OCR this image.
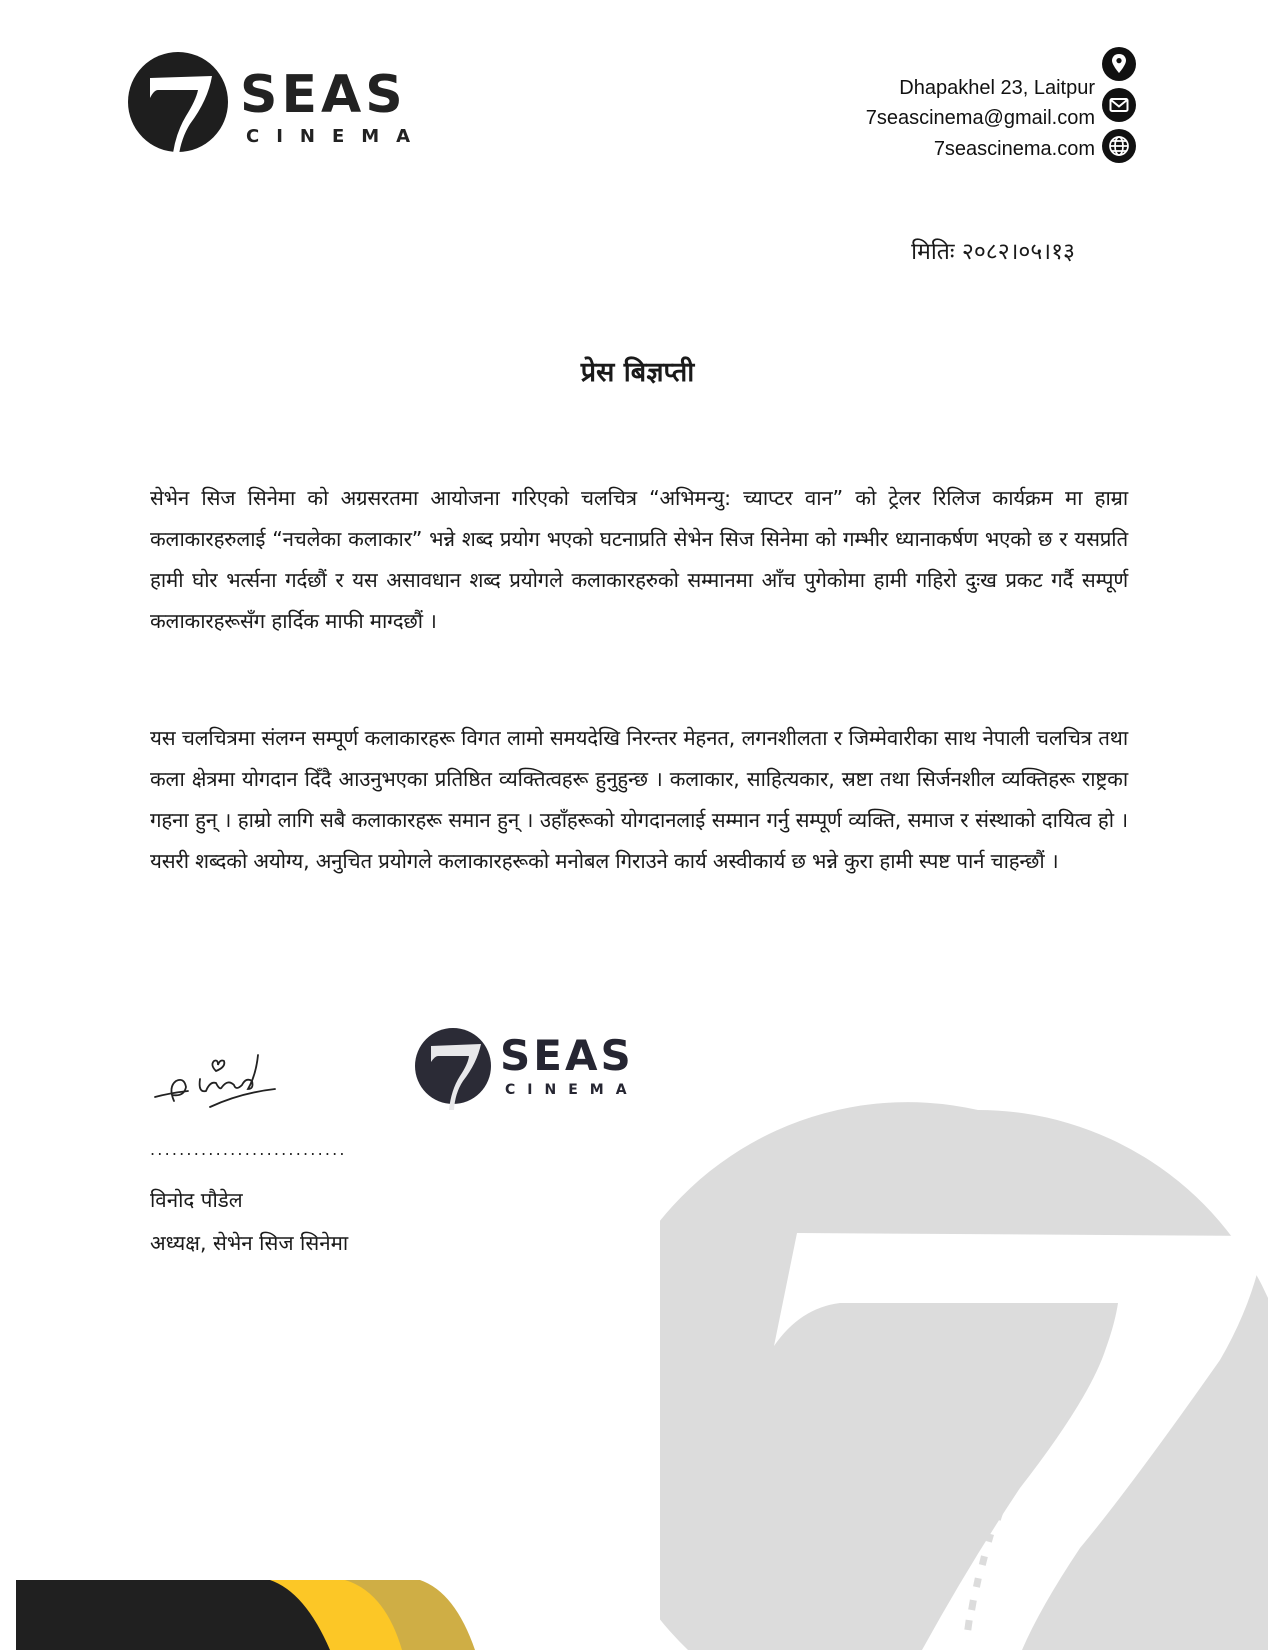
SEAS
CINEMA
Dhapakhel 23, Laitpur
7seascinema@gmail.com
7seascinema.com
मितिः २०८२।०५।१३
प्रेस बिज्ञप्ती

सेभेन सिज सिनेमा को अग्रसरतमा आयोजना गरिएको चलचित्र “अभिमन्यु: च्याप्टर वान” को ट्रेलर रिलिज कार्यक्रम मा हाम्रा कलाकारहरुलाई “नचलेका कलाकार” भन्ने शब्द प्रयोग भएको घटनाप्रति सेभेन सिज सिनेमा को गम्भीर ध्यानाकर्षण भएको छ र यसप्रति हामी घोर भर्त्सना गर्दछौं र यस असावधान शब्द प्रयोगले कलाकारहरुको सम्मानमा आँच पुगेकोमा हामी गहिरो दुःख प्रकट गर्दै सम्पूर्ण कलाकारहरूसँग हार्दिक माफी माग्दछौं ।

यस चलचित्रमा संलग्न सम्पूर्ण कलाकारहरू विगत लामो समयदेखि निरन्तर मेहनत, लगनशीलता र जिम्मेवारीका साथ नेपाली चलचित्र तथा कला क्षेत्रमा योगदान दिँदै आउनुभएका प्रतिष्ठित व्यक्तित्वहरू हुनुहुन्छ । कलाकार, साहित्यकार, स्रष्टा तथा सिर्जनशील व्यक्तिहरू राष्ट्रका गहना हुन् । हाम्रो लागि सबै कलाकारहरू समान हुन् । उहाँहरूको योगदानलाई सम्मान गर्नु सम्पूर्ण व्यक्ति, समाज र संस्थाको दायित्व हो । यसरी शब्दको अयोग्य, अनुचित प्रयोगले कलाकारहरूको मनोबल गिराउने कार्य अस्वीकार्य छ भन्ने कुरा हामी स्पष्ट पार्न चाहन्छौं ।

SEAS
CINEMA
...........................
विनोद पौडेल
अध्यक्ष, सेभेन सिज सिनेमा
